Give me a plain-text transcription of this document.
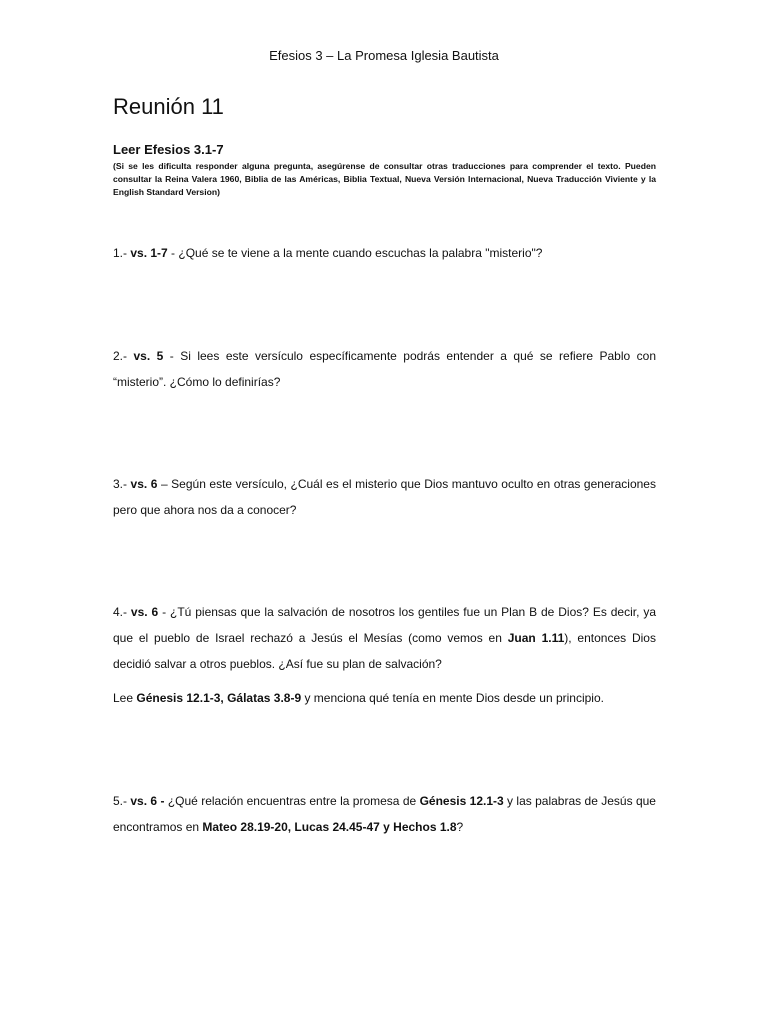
Efesios 3 – La Promesa Iglesia Bautista
Reunión 11
Leer Efesios 3.1-7
(Si se les dificulta responder alguna pregunta, asegúrense de consultar otras traducciones para comprender el texto. Pueden consultar la Reina Valera 1960, Biblia de las Américas, Biblia Textual, Nueva Versión Internacional, Nueva Traducción Viviente y la English Standard Version)

1.- vs. 1-7 - ¿Qué se te viene a la mente cuando escuchas la palabra "misterio"?

2.- vs. 5 - Si lees este versículo específicamente podrás entender a qué se refiere Pablo con “misterio”. ¿Cómo lo definirías?

3.- vs. 6 – Según este versículo, ¿Cuál es el misterio que Dios mantuvo oculto en otras generaciones pero que ahora nos da a conocer?

4.- vs. 6 - ¿Tú piensas que la salvación de nosotros los gentiles fue un Plan B de Dios? Es decir, ya que el pueblo de Israel rechazó a Jesús el Mesías (como vemos en Juan 1.11), entonces Dios decidió salvar a otros pueblos. ¿Así fue su plan de salvación?

Lee Génesis 12.1-3, Gálatas 3.8-9 y menciona qué tenía en mente Dios desde un principio.

5.- vs. 6 - ¿Qué relación encuentras entre la promesa de Génesis 12.1-3 y las palabras de Jesús que encontramos en Mateo 28.19-20, Lucas 24.45-47 y Hechos 1.8?
